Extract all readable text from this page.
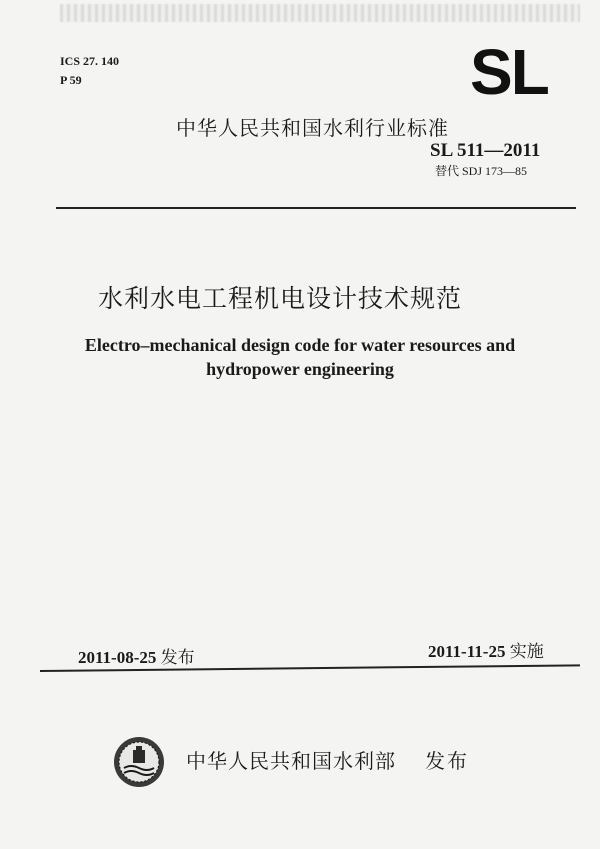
ICS 27. 140
P 59	SL
中华人民共和国水利行业标准
SL 511—2011
替代 SDJ 173—85
水利水电工程机电设计技术规范
Electro–mechanical design code for water resources and
hydropower engineering
2011-08-25 发布	2011-11-25 实施
中华人民共和国水利部 发布
